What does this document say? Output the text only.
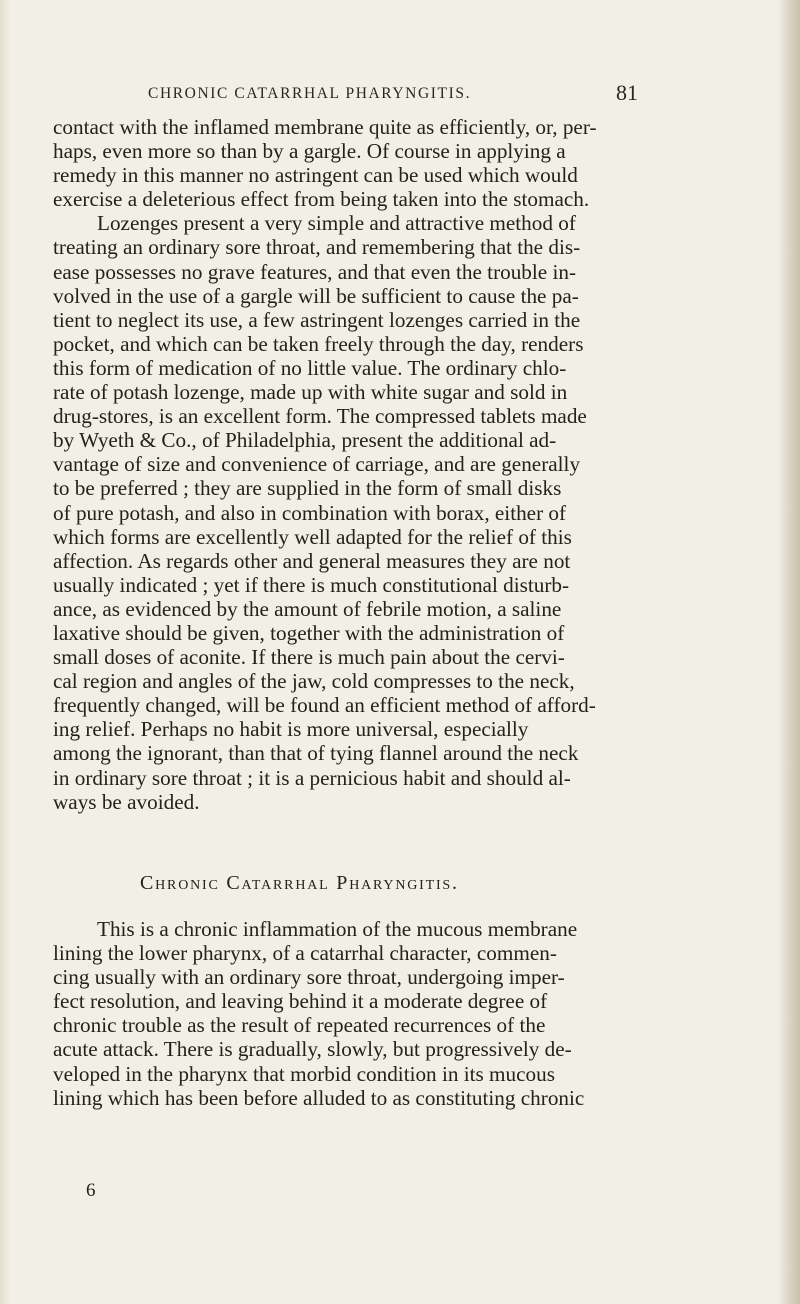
CHRONIC CATARRHAL PHARYNGITIS.	81
contact with the inflamed membrane quite as efficiently, or, per-
haps, even more so than by a gargle. Of course in applying a
remedy in this manner no astringent can be used which would
exercise a deleterious effect from being taken into the stomach.
Lozenges present a very simple and attractive method of
treating an ordinary sore throat, and remembering that the dis-
ease possesses no grave features, and that even the trouble in-
volved in the use of a gargle will be sufficient to cause the pa-
tient to neglect its use, a few astringent lozenges carried in the
pocket, and which can be taken freely through the day, renders
this form of medication of no little value. The ordinary chlo-
rate of potash lozenge, made up with white sugar and sold in
drug-stores, is an excellent form. The compressed tablets made
by Wyeth & Co., of Philadelphia, present the additional ad-
vantage of size and convenience of carriage, and are generally
to be preferred ; they are supplied in the form of small disks
of pure potash, and also in combination with borax, either of
which forms are excellently well adapted for the relief of this
affection. As regards other and general measures they are not
usually indicated ; yet if there is much constitutional disturb-
ance, as evidenced by the amount of febrile motion, a saline
laxative should be given, together with the administration of
small doses of aconite. If there is much pain about the cervi-
cal region and angles of the jaw, cold compresses to the neck,
frequently changed, will be found an efficient method of afford-
ing relief. Perhaps no habit is more universal, especially
among the ignorant, than that of tying flannel around the neck
in ordinary sore throat ; it is a pernicious habit and should al-
ways be avoided.
Chronic Catarrhal Pharyngitis.
This is a chronic inflammation of the mucous membrane
lining the lower pharynx, of a catarrhal character, commen-
cing usually with an ordinary sore throat, undergoing imper-
fect resolution, and leaving behind it a moderate degree of
chronic trouble as the result of repeated recurrences of the
acute attack. There is gradually, slowly, but progressively de-
veloped in the pharynx that morbid condition in its mucous
lining which has been before alluded to as constituting chronic
6
